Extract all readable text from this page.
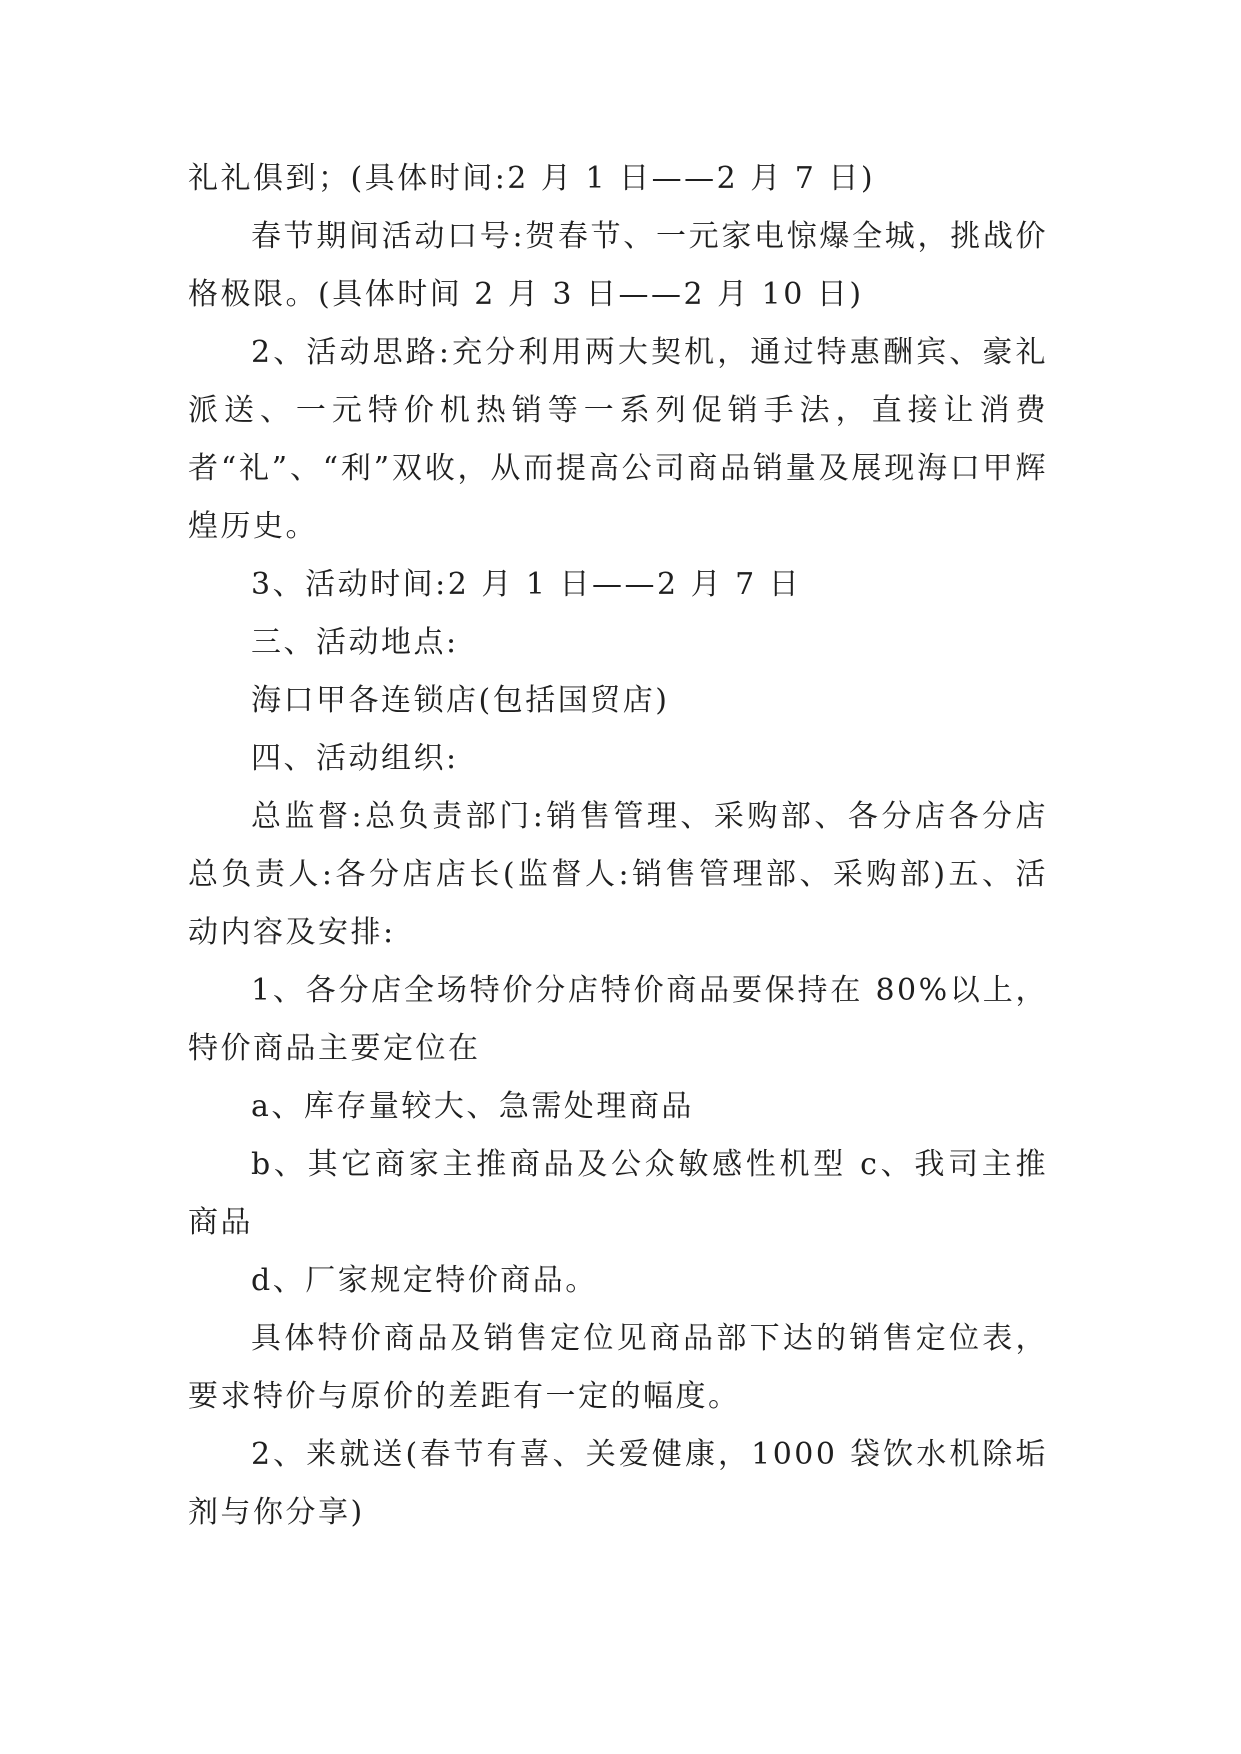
礼礼俱到；(具体时间:2 月 1 日——2 月 7 日)

春节期间活动口号:贺春节、一元家电惊爆全城，挑战价格极限。(具体时间 2 月 3 日——2 月 10 日)

2、活动思路:充分利用两大契机，通过特惠酬宾、豪礼派送、一元特价机热销等一系列促销手法，直接让消费者“礼”、“利”双收，从而提高公司商品销量及展现海口甲辉煌历史。

3、活动时间:2 月 1 日——2 月 7 日

三、活动地点:

海口甲各连锁店(包括国贸店)

四、活动组织:

总监督:总负责部门:销售管理、采购部、各分店各分店总负责人:各分店店长(监督人:销售管理部、采购部)五、活动内容及安排:

1、各分店全场特价分店特价商品要保持在 80%以上，特价商品主要定位在

a、库存量较大、急需处理商品

b、其它商家主推商品及公众敏感性机型 c、我司主推商品

d、厂家规定特价商品。

具体特价商品及销售定位见商品部下达的销售定位表，要求特价与原价的差距有一定的幅度。

2、来就送(春节有喜、关爱健康，1000 袋饮水机除垢剂与你分享)
